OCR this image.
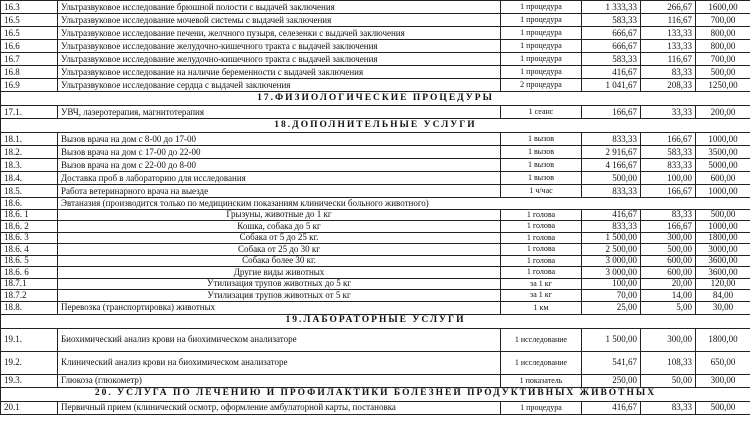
16.3	Ультразвуковое исследование брюшной полости с выдачей заключения	1 процедура	1 333,33	266,67	1600,00
16.5	Ультразвуковое исследование мочевой системы с выдачей заключения	1 процедура	583,33	116,67	700,00
16.5	Ультразвуковое исследование печени, желчного пузыря, селезенки с выдачей заключения	1 процедура	666,67	133,33	800,00
16.6	Ультразвуковое исследование желудочно-кишечного тракта с выдачей заключения	1 процедура	666,67	133,33	800,00
16.7	Ультразвуковое исследование желудочно-кишечного тракта с выдачей заключения	1 процедура	583,33	116,67	700,00
16.8	Ультразвуковое исследование на наличие беременности с выдачей заключения	1 процедура	416,67	83,33	500,00
16.9	Ультразвуковое исследование сердца с выдачей заключения	2 процедура	1 041,67	208,33	1250,00
17.ФИЗИОЛОГИЧЕСКИЕ ПРОЦЕДУРЫ					
17.1.	УВЧ, лазеротерапия, магнитотерапия	1 сеанс	166,67	33,33	200,00
18.ДОПОЛНИТЕЛЬНЫЕ УСЛУГИ					
18.1.	Вызов врача на дом с 8-00 до 17-00	1 вызов	833,33	166,67	1000,00
18.2.	Вызов врача на дом с 17-00 до 22-00	1 вызов	2 916,67	583,33	3500,00
18.3.	Вызов врача на дом с 22-00 до 8-00	1 вызов	4 166,67	833,33	5000,00
18.4.	Доставка проб в лабораторию для исследования	1 вызов	500,00	100,00	600,00
18.5.	Работа ветеринарного врача на выезде	1 ч/час	833,33	166,67	1000,00
18.6.	Эвтаназия (производится только по медицинским показаниям клинически больного животного)				
18.6. 1	Грызуны, животные до 1 кг	1 голова	416,67	83,33	500,00
18.6. 2	Кошка, собака до 5 кг	1 голова	833,33	166,67	1000,00
18.6. 3	Собака от 5 до 25 кг.	1 голова	1 500,00	300,00	1800,00
18.6. 4	Собака от 25 до 30 кг	1 голова	2 500,00	500,00	3000,00
18.6. 5	Собака более 30 кг.	1 голова	3 000,00	600,00	3600,00
18.6. 6	Другие виды животных	1 голова	3 000,00	600,00	3600,00
18.7.1	Утилизация трупов животных до 5 кг	за 1 кг	100,00	20,00	120,00
18.7.2	Утилизация трупов животных от 5 кг	за 1 кг	70,00	14,00	84,00
18.8.	Перевозка (транспортировка) животных	1 км	25,00	5,00	30,00
19.ЛАБОРАТОРНЫЕ УСЛУГИ					
19.1.	Биохимический анализ крови на биохимическом анализаторе	1 исследование	1 500,00	300,00	1800,00
19.2.	Клинический анализ крови на биохимическом анализаторе	1 исследование	541,67	108,33	650,00
19.3.	Глюкоза (глюкометр)	1 показатель	250,00	50,00	300,00
20. УСЛУГА ПО ЛЕЧЕНИЮ И ПРОФИЛАКТИКИ БОЛЕЗНЕЙ ПРОДУКТИВНЫХ ЖИВОТНЫХ					
20.1	Первичный прием (клинический осмотр, оформление амбулаторной карты, постановка	1 процедура	416,67	83,33	500,00
